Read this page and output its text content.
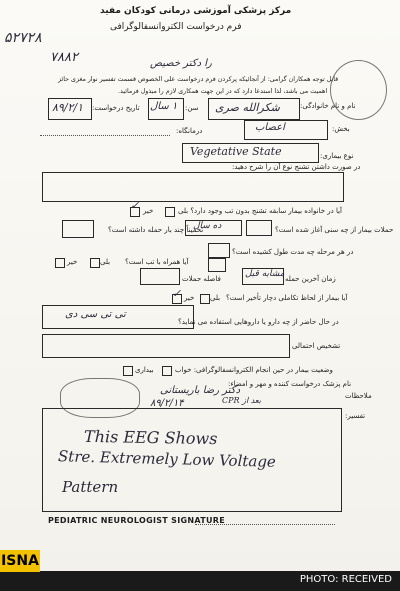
مرکز پزشکی آموزشی درمانی کودکان مفید
فرم درخواست الکتروانسفالوگرافی
۵۲۷۲۸
۷۸۸۲	را دکتر خصیص
قابل توجه همکاران گرامی: از آنجائیکه پرکردن فرم درخواست علی الخصوص قسمت تفسیر نوار مغزی حائز
اهمیت می باشد، لذا استدعا دارد که در این جهت همکاری لازم را مبذول فرمائید.
نام و نام خانوادگی:
شکرالله صری
سن:
۱ سال
تاریخ درخواست:
۸۹/۲/۱
بخش:
اعصاب
درمانگاه:
نوع بیماری:
Vegetative State
در صورت داشتن تشنج نوع آن را شرح دهید:
آیا در خانواده بیمار سابقه تشنج بدون تب وجود دارد؟ بلی
خیر
✓
حملات بیمار از چه سنی آغاز شده است؟
تخمیناً چند بار حمله داشته است؟
ده سال
در هر مرحله چه مدت طول کشیده است؟
آیا همراه با تب است؟
بلی
خیر
زمان آخرین حمله
مشابه قبل
فاصله حملات
آیا بیمار از لحاظ تکاملی دچار تأخیر است؟
بلی
خیر
✓
تی تی سی دی
در حال حاضر از چه دارو یا داروهایی استفاده می نماید؟
تشخیص احتمالی
وضعیت بیمار در حین انجام الکتروانسفالوگرافی: خواب
بیداری
نام پزشک درخواست کننده و مهر و امضاء:
دکتر رضا باریستانی	ملاحظات
CPR بعد از
۸۹/۲/۱۴
تفسیر:
This EEG Shows
Stre. Extremely Low Voltage
Pattern
PEDIATRIC NEUROLOGIST SIGNATURE
ISNA
PHOTO: RECEIVED
